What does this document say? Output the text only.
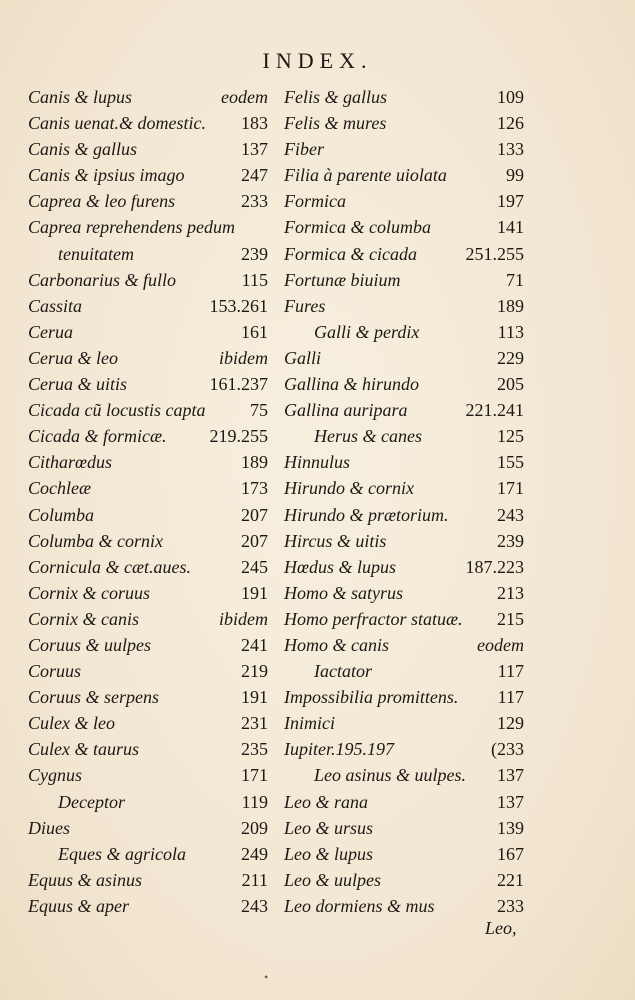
INDEX.
Canis & lupus	eodem
Canis uenat.& domestic. 183
Canis & gallus	137
Canis & ipsius imago	247
Caprea & leo furens	233
Caprea reprehendens pedum
tenuitatem	239
Carbonarius & fullo	115
Cassita	153.261
Cerua	161
Cerua & leo	ibidem
Cerua & uitis	161.237
Cicada cũ locustis capta 75
Cicada & formicæ. 219.255
Citharœdus	189
Cochleæ	173
Columba	207
Columba & cornix	207
Cornicula & cæt.aues.	245
Cornix & coruus	191
Cornix & canis	ibidem
Coruus & uulpes	241
Coruus	219
Coruus & serpens	191
Culex & leo	231
Culex & taurus	235
Cygnus	171
Deceptor	119
Diues	209
Eques & agricola	249
Equus & asinus	211
Equus & aper	243
Felis & gallus	109
Felis & mures	126
Fiber	133
Filia à parente uiolata	99
Formica	197
Formica & columba	141
Formica & cicada	251.255
Fortunæ biuium	71
Fures	189
Galli & perdix	113
Galli	229
Gallina & hirundo	205
Gallina auripara	221.241
Herus & canes	125
Hinnulus	155
Hirundo & cornix	171
Hirundo & prætorium.	243
Hircus & uitis	239
Hœdus & lupus	187.223
Homo & satyrus	213
Homo perfractor statuæ. 215
Homo & canis	eodem
Iactator	117
Impossibilia promittens. 117
Inimici	129
Iupiter.195.197	(233
Leo asinus & uulpes. 137
Leo & rana	137
Leo & ursus	139
Leo & lupus	167
Leo & uulpes	221
Leo dormiens & mus	233
Leo,
•
